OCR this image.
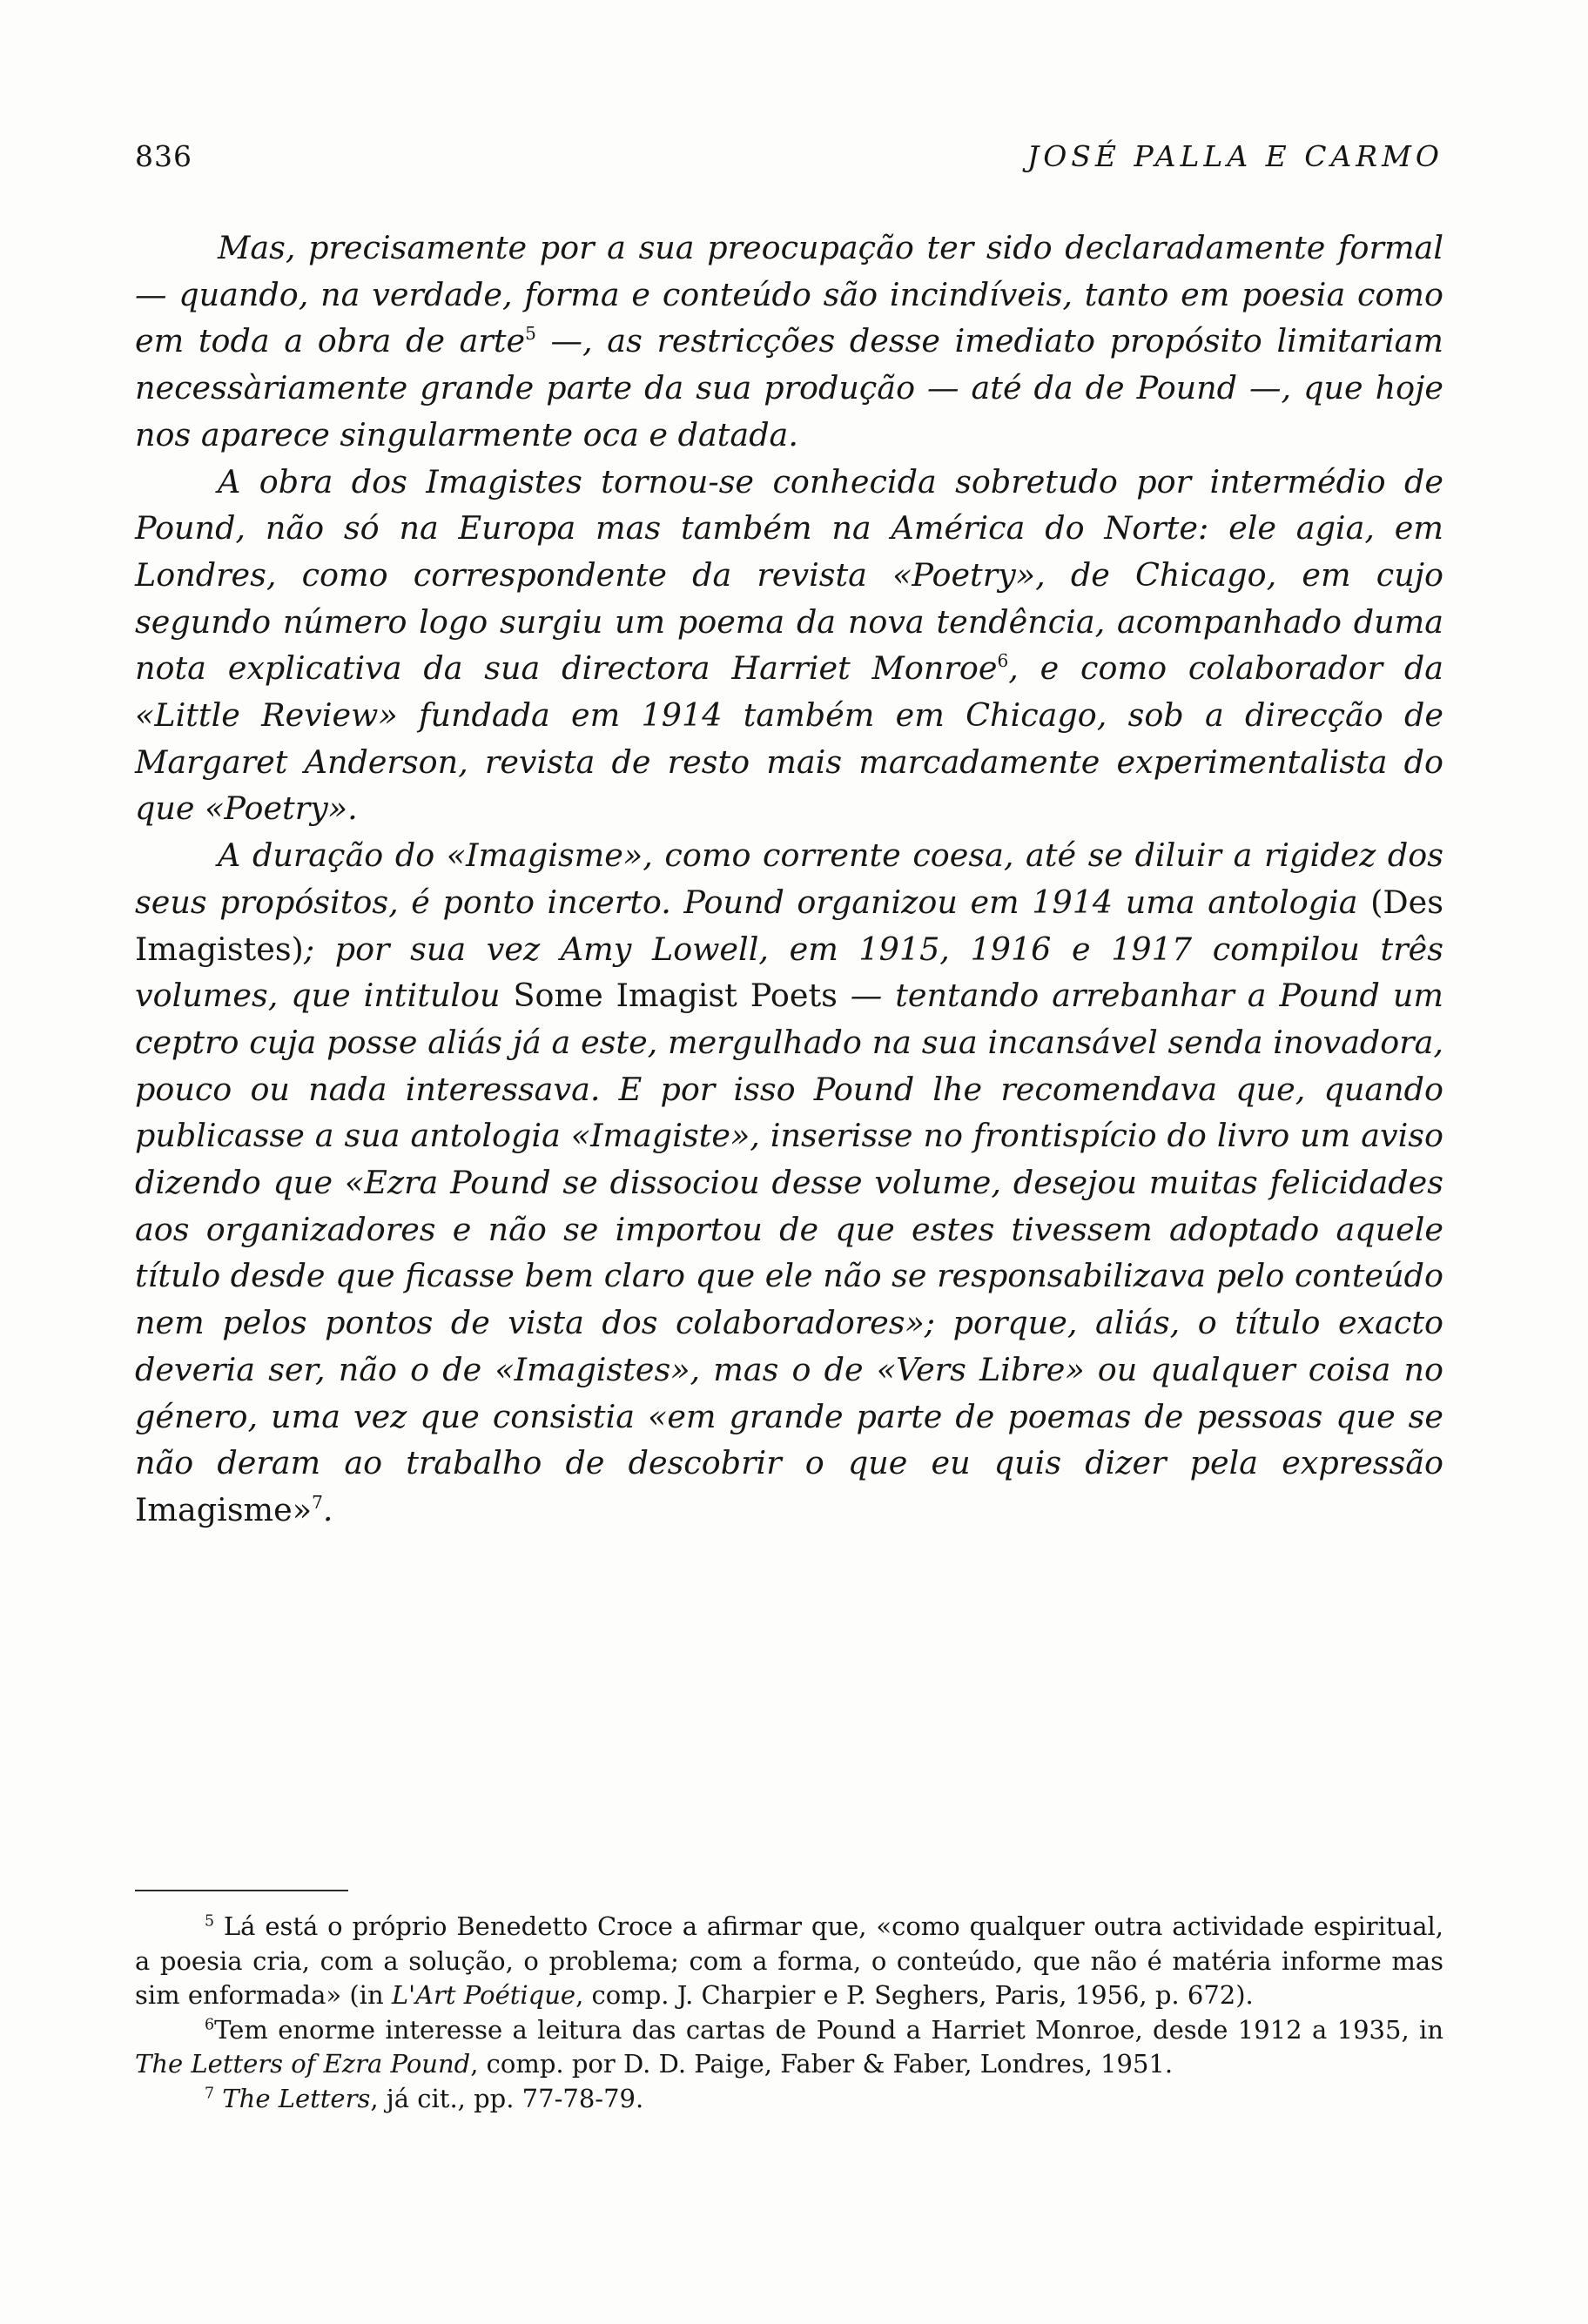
836	JOSÉ PALLA E CARMO

Mas, precisamente por a sua preocupação ter sido declaradamente formal — quando, na verdade, forma e conteúdo são incindíveis, tanto em poesia como em toda a obra de arte$^5$ —, as restricções desse imediato propósito limitariam necessàriamente grande parte da sua produção — até da de Pound —, que hoje nos aparece singularmente oca e datada.

A obra dos Imagistes tornou-se conhecida sobretudo por intermédio de Pound, não só na Europa mas também na América do Norte: ele agia, em Londres, como correspondente da revista «Poetry», de Chicago, em cujo segundo número logo surgiu um poema da nova tendência, acompanhado duma nota explicativa da sua directora Harriet Monroe$^6$, e como colaborador da «Little Review» fundada em 1914 também em Chicago, sob a direcção de Margaret Anderson, revista de resto mais marcadamente experimentalista do que «Poetry».

A duração do «Imagisme», como corrente coesa, até se diluir a rigidez dos seus propósitos, é ponto incerto. Pound organizou em 1914 uma antologia (Des Imagistes); por sua vez Amy Lowell, em 1915, 1916 e 1917 compilou três volumes, que intitulou Some Imagist Poets — tentando arrebanhar a Pound um ceptro cuja posse aliás já a este, mergulhado na sua incansável senda inovadora, pouco ou nada interessava. E por isso Pound lhe recomendava que, quando publicasse a sua antologia «Imagiste», inserisse no frontispício do livro um aviso dizendo que «Ezra Pound se dissociou desse volume, desejou muitas felicidades aos organizadores e não se importou de que estes tivessem adoptado aquele título desde que ficasse bem claro que ele não se responsabilizava pelo conteúdo nem pelos pontos de vista dos colaboradores»; porque, aliás, o título exacto deveria ser, não o de «Imagistes», mas o de «Vers Libre» ou qualquer coisa no género, uma vez que consistia «em grande parte de poemas de pessoas que se não deram ao trabalho de descobrir o que eu quis dizer pela expressão Imagisme»$^7$.

$^5$ Lá está o próprio Benedetto Croce a afirmar que, «como qualquer outra actividade espiritual, a poesia cria, com a solução, o problema; com a forma, o conteúdo, que não é matéria informe mas sim enformada» (in L'Art Poétique, comp. J. Charpier e P. Seghers, Paris, 1956, p. 672).

$^6$Tem enorme interesse a leitura das cartas de Pound a Harriet Monroe, desde 1912 a 1935, in The Letters of Ezra Pound, comp. por D. D. Paige, Faber & Faber, Londres, 1951.

$^7$ The Letters, já cit., pp. 77-78-79.
